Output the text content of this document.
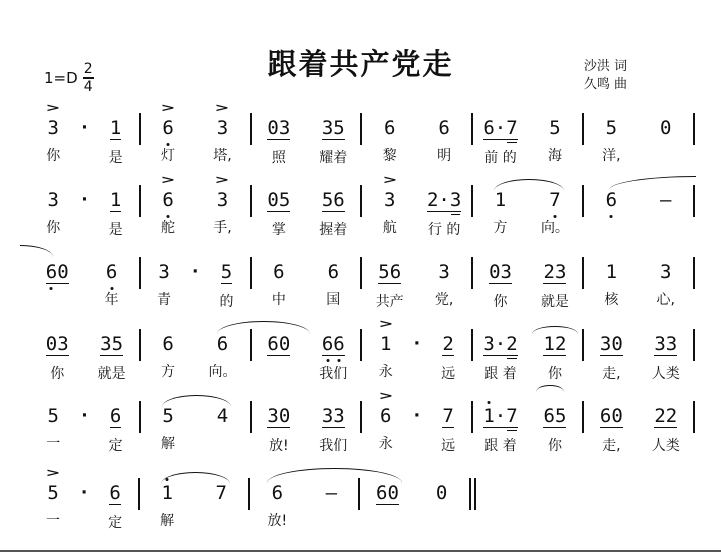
$1=D \frac{2}{4}$	跟着共产党走	沙洪 词
久鸣 曲
>
3
你
· 1
是
>
6
灯
>
3
塔,
03
照
35
耀着
6
黎
6
明
6·7
前 的
5
海
5
洋,
0
3
你
· 1
是
>
6
舵
>
3
手,
05
掌
56
握着
>
3
航
2·3
行 的
1
方
7
向。
6 —
60 6
年
3
青
· 5
的
6
中
6
国
56
共产
3
党,
03
你
23
就是
1
核
3
心,
03
你
35
就是
6
方
6
向。
60 66
我们
>
1
永
· 2
远
3·2
跟 着
12
你
30
走,
33
人类
5
一
· 6
定
5
解
4 30
放!
33
我们
>
6
永
· 7
远
1·7
跟 着
65
你
60
走,
22
人类
>
5
一
· 6
定
1
解
7 6
放!
— 60 0
